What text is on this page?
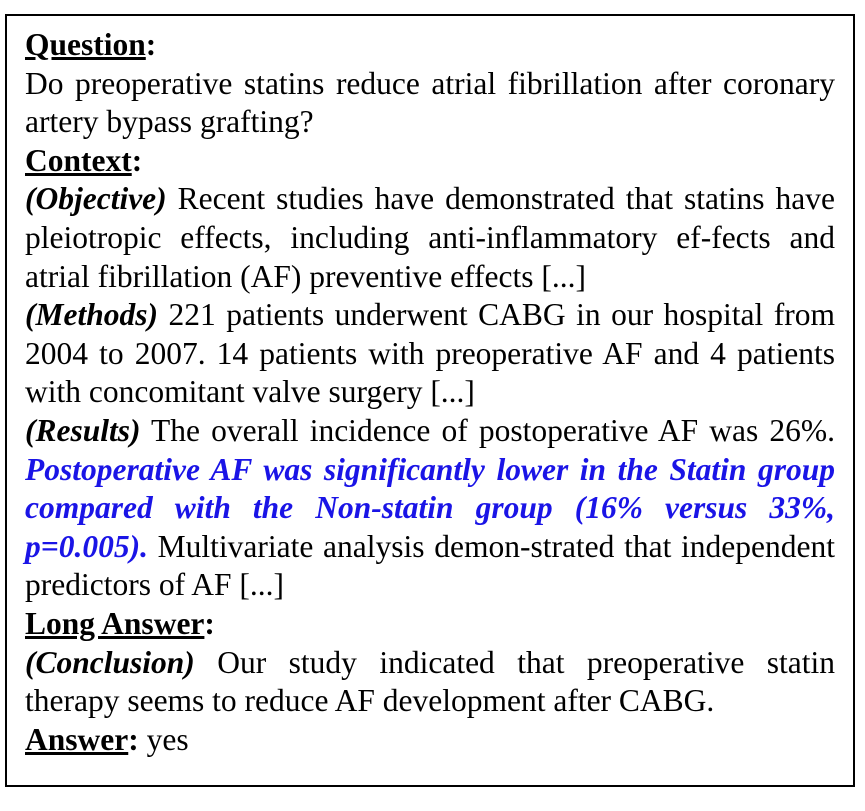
Question:
Do preoperative statins reduce atrial fibrillation after coronary artery bypass grafting?
Context:
(Objective) Recent studies have demonstrated that statins have pleiotropic effects, including anti-inflammatory ef-fects and atrial fibrillation (AF) preventive effects [...]
(Methods) 221 patients underwent CABG in our hospital from 2004 to 2007. 14 patients with preoperative AF and 4 patients with concomitant valve surgery [...]
(Results) The overall incidence of postoperative AF was 26%. Postoperative AF was significantly lower in the Statin group compared with the Non-statin group (16% versus 33%, p=0.005). Multivariate analysis demon-strated that independent predictors of AF [...]
Long Answer:
(Conclusion) Our study indicated that preoperative statin therapy seems to reduce AF development after CABG.
Answer: yes
